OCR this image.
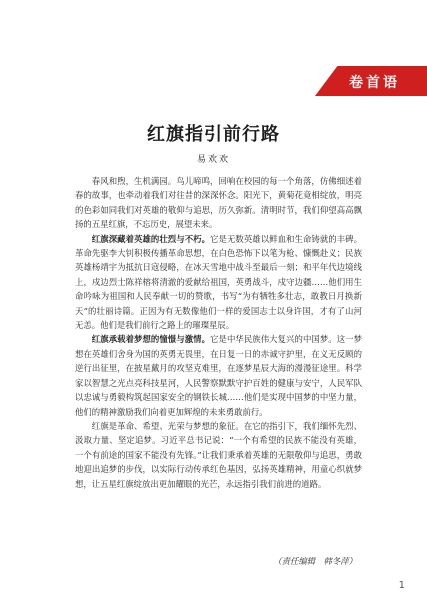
卷首语
红旗指引前行路
易欢欢

春风和煦，生机满园。鸟儿啼鸣，回响在校园的每一个角落，仿佛细述着春的故事，也牵动着我们对往昔的深深怀念。阳光下，黄菊花竟相绽放，明亮的色彩如同我们对英雄的敬仰与追思，历久弥新。清明时节，我们仰望高高飘扬的五星红旗，不忘历史，展望未来。

红旗深藏着英雄的壮烈与不朽。它是无数英雄以鲜血和生命铸就的丰碑。革命先驱李大钊积极传播革命思想，在白色恐怖下以笔为枪、慷慨赴义；民族英雄杨靖宇为抵抗日寇侵略，在冰天雪地中战斗至最后一刻；和平年代边境线上，戍边烈士陈祥榕将清澈的爱献给祖国，英勇战斗，戍守边疆……他们用生命吟咏为祖国和人民奉献一切的赞歌，书写“为有牺牲多壮志，敢教日月换新天”的壮丽诗篇。正因为有无数像他们一样的爱国志士以身许国，才有了山河无恙。他们是我们前行之路上的璀璨星辰。

红旗承载着梦想的憧憬与激情。它是中华民族伟大复兴的中国梦。这一梦想在英雄们舍身为国的英勇无畏里，在日复一日的赤诚守护里，在义无反顾的逆行出征里，在披星戴月的攻坚克难里，在逐梦星辰大海的漫漫征途里。科学家以智慧之光点亮科技星河，人民警察默默守护百姓的健康与安宁，人民军队以忠诚与勇毅构筑起国家安全的钢铁长城……他们是实现中国梦的中坚力量，他们的精神激励我们向着更加辉煌的未来勇敢前行。

红旗是革命、希望、光荣与梦想的象征。在它的指引下，我们缅怀先烈、汲取力量、坚定追梦。习近平总书记说：“一个有希望的民族不能没有英雄，一个有前途的国家不能没有先锋。”让我们秉承着英雄的无限敬仰与追思，勇敢地迎出追梦的步伐，以实际行动传承红色基因，弘扬英雄精神，用童心织就梦想，让五星红旗绽放出更加耀眼的光芒，永远指引我们前进的道路。

（责任编辑　韩冬萍）
1
